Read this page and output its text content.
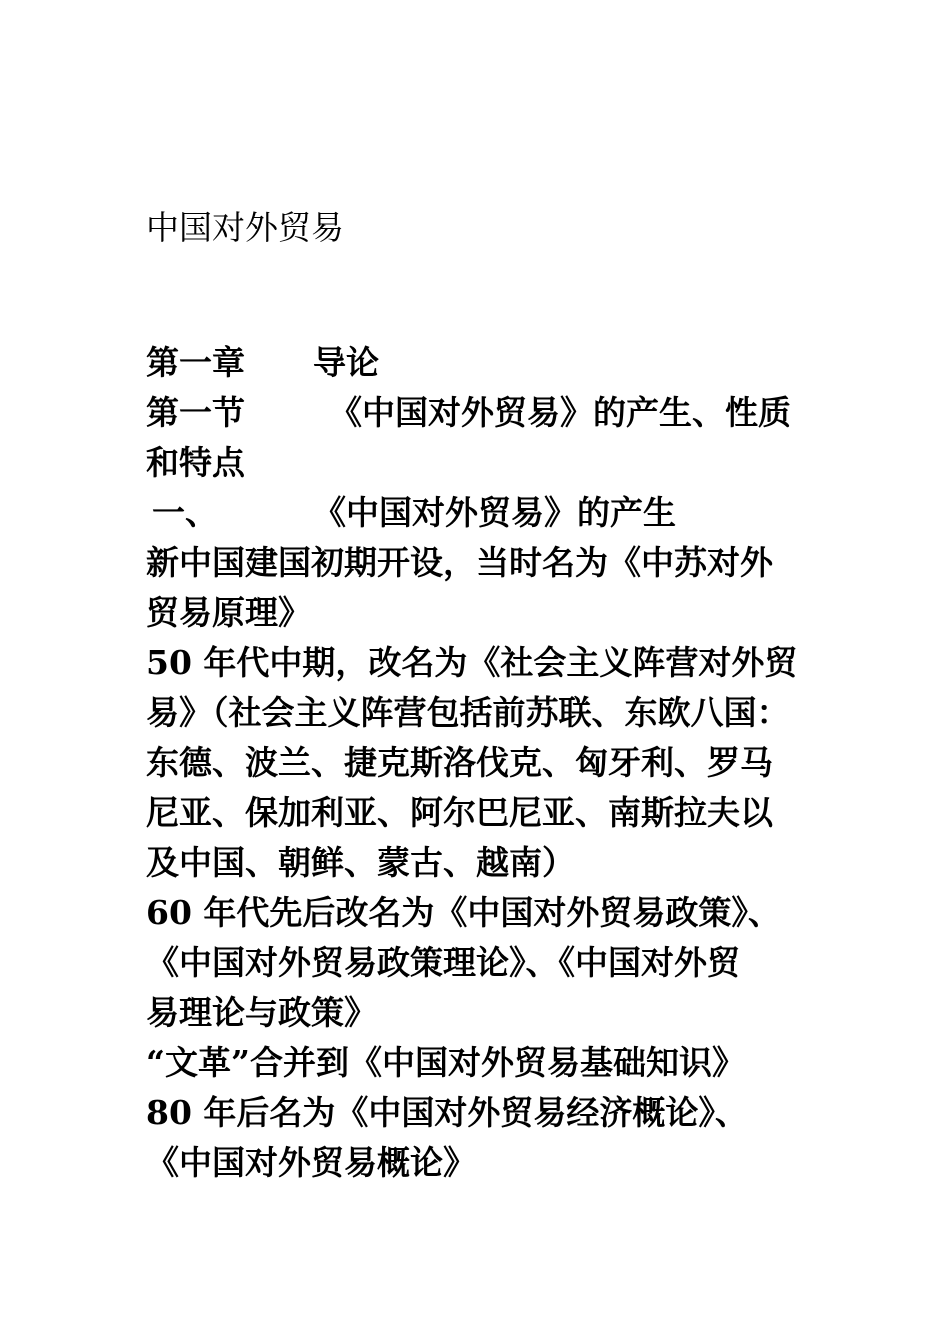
中国对外贸易
第一章 导论
第一节	《中国对外贸易》的产生、性质
和特点
一、	《中国对外贸易》的产生
新中国建国初期开设，当时名为《中苏对外
贸易原理》
50 年代中期，改名为《社会主义阵营对外贸
易》（社会主义阵营包括前苏联、东欧八国：
东德、波兰、捷克斯洛伐克、匈牙利、罗马
尼亚、保加利亚、阿尔巴尼亚、南斯拉夫以
及中国、朝鲜、蒙古、越南）
60 年代先后改名为《中国对外贸易政策》、
《中国对外贸易政策理论》、《中国对外贸
易理论与政策》
“文革”合并到《中国对外贸易基础知识》
80 年后名为《中国对外贸易经济概论》、
《中国对外贸易概论》
